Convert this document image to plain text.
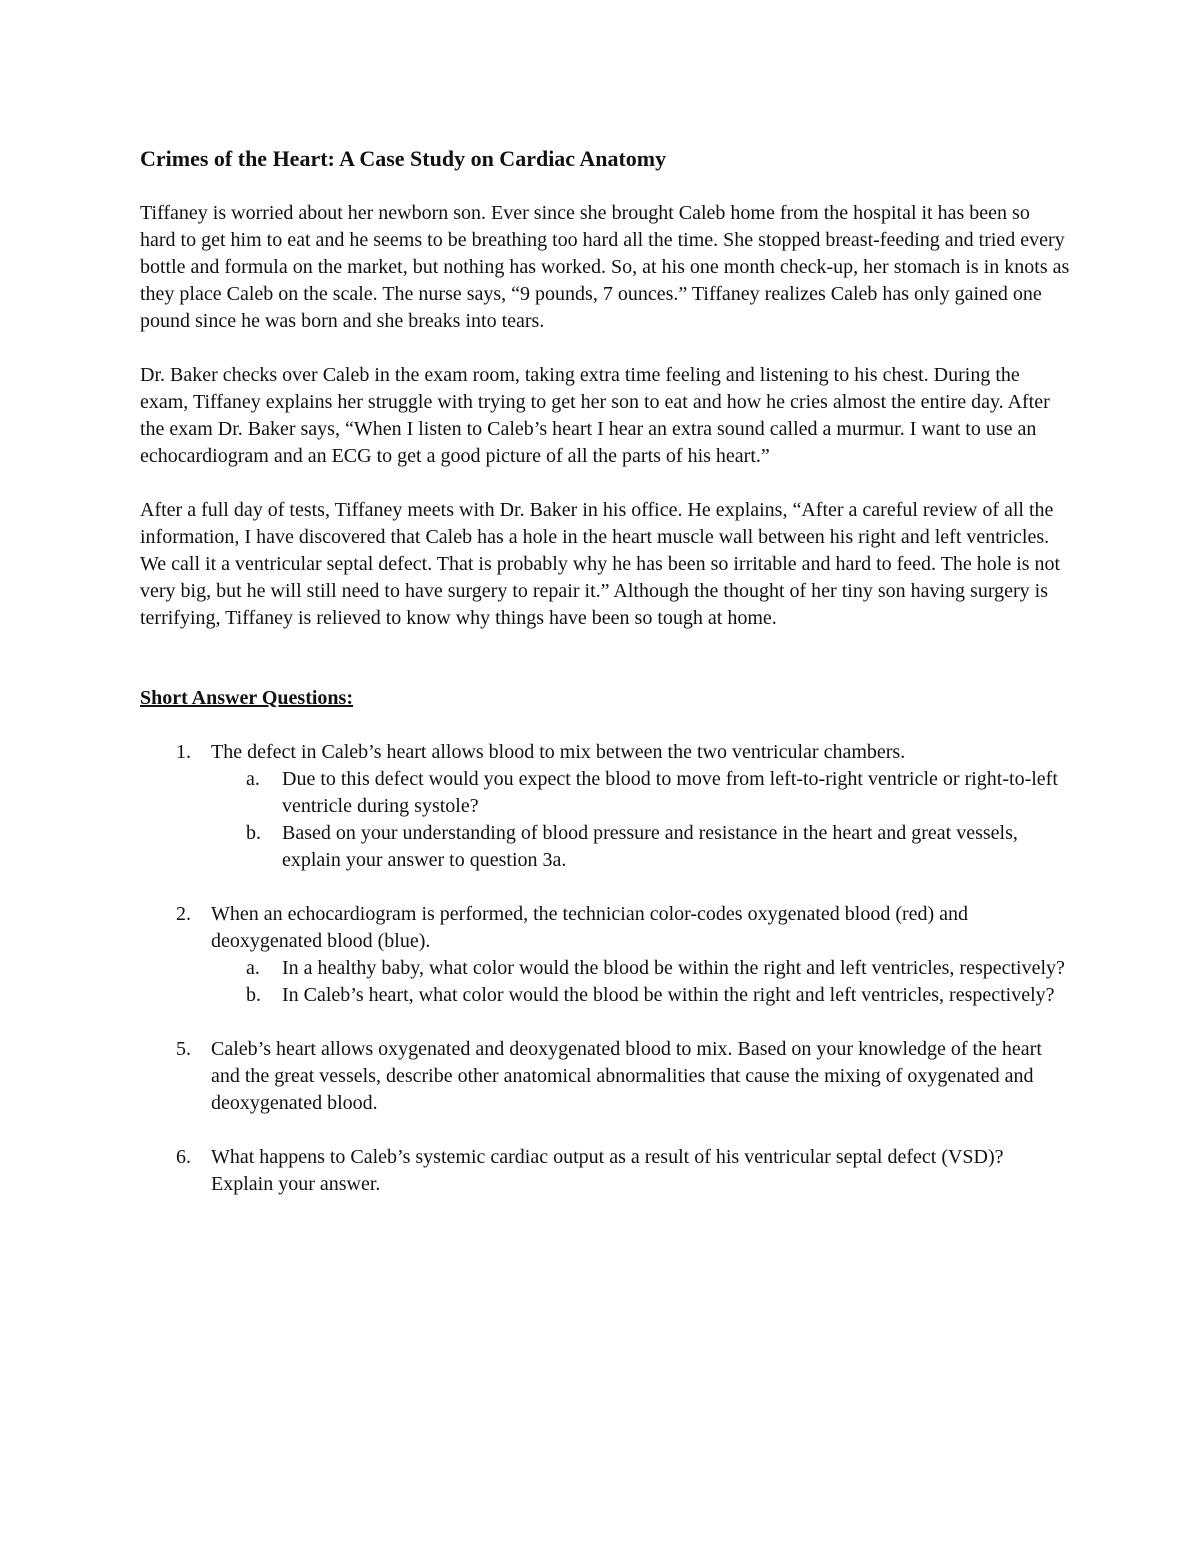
Crimes of the Heart: A Case Study on Cardiac Anatomy

Tiffaney is worried about her newborn son. Ever since she brought Caleb home from the hospital it has been so hard to get him to eat and he seems to be breathing too hard all the time. She stopped breast-feeding and tried every bottle and formula on the market, but nothing has worked. So, at his one month check-up, her stomach is in knots as they place Caleb on the scale. The nurse says, “9 pounds, 7 ounces.” Tiffaney realizes Caleb has only gained one pound since he was born and she breaks into tears.

Dr. Baker checks over Caleb in the exam room, taking extra time feeling and listening to his chest. During the exam, Tiffaney explains her struggle with trying to get her son to eat and how he cries almost the entire day. After the exam Dr. Baker says, “When I listen to Caleb’s heart I hear an extra sound called a murmur. I want to use an echocardiogram and an ECG to get a good picture of all the parts of his heart.”

After a full day of tests, Tiffaney meets with Dr. Baker in his office. He explains, “After a careful review of all the information, I have discovered that Caleb has a hole in the heart muscle wall between his right and left ventricles. We call it a ventricular septal defect. That is probably why he has been so irritable and hard to feed. The hole is not very big, but he will still need to have surgery to repair it.” Although the thought of her tiny son having surgery is terrifying, Tiffaney is relieved to know why things have been so tough at home.

Short Answer Questions:
1. The defect in Caleb’s heart allows blood to mix between the two ventricular chambers.
a. Due to this defect would you expect the blood to move from left-to-right ventricle or right-to-left ventricle during systole?
b. Based on your understanding of blood pressure and resistance in the heart and great vessels, explain your answer to question 3a.
2. When an echocardiogram is performed, the technician color-codes oxygenated blood (red) and deoxygenated blood (blue).
a. In a healthy baby, what color would the blood be within the right and left ventricles, respectively?
b. In Caleb’s heart, what color would the blood be within the right and left ventricles, respectively?
5. Caleb’s heart allows oxygenated and deoxygenated blood to mix. Based on your knowledge of the heart and the great vessels, describe other anatomical abnormalities that cause the mixing of oxygenated and deoxygenated blood.
6. What happens to Caleb’s systemic cardiac output as a result of his ventricular septal defect (VSD)? Explain your answer.
